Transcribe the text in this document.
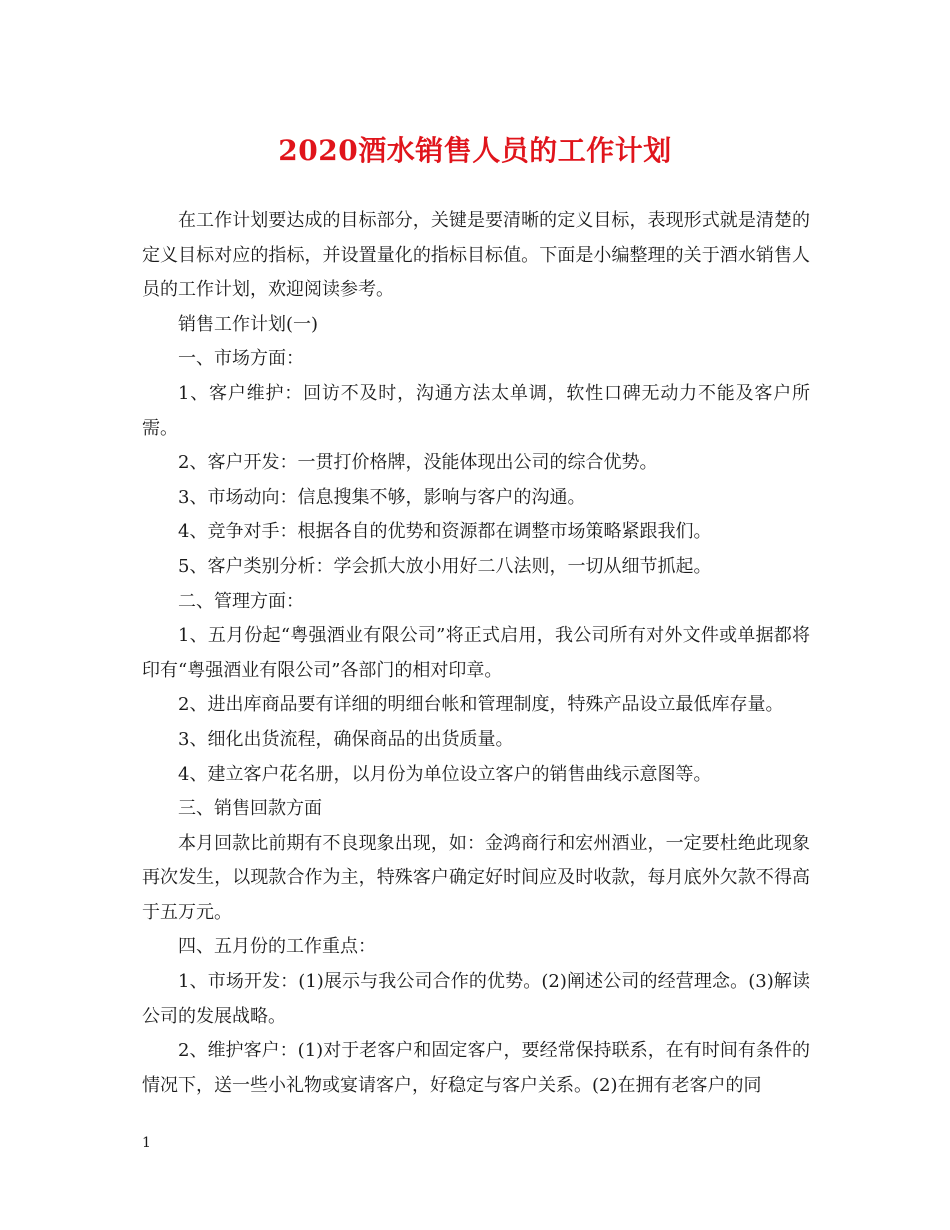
2020酒水销售人员的工作计划

在工作计划要达成的目标部分，关键是要清晰的定义目标，表现形式就是清楚的定义目标对应的指标，并设置量化的指标目标值。下面是小编整理的关于酒水销售人员的工作计划，欢迎阅读参考。

销售工作计划(一)

一、市场方面：

1、客户维护：回访不及时，沟通方法太单调，软性口碑无动力不能及客户所需。

2、客户开发：一贯打价格牌，没能体现出公司的综合优势。

3、市场动向：信息搜集不够，影响与客户的沟通。

4、竞争对手：根据各自的优势和资源都在调整市场策略紧跟我们。

5、客户类别分析：学会抓大放小用好二八法则，一切从细节抓起。

二、管理方面：

1、五月份起“粤强酒业有限公司”将正式启用，我公司所有对外文件或单据都将印有“粤强酒业有限公司”各部门的相对印章。

2、进出库商品要有详细的明细台帐和管理制度，特殊产品设立最低库存量。

3、细化出货流程，确保商品的出货质量。

4、建立客户花名册，以月份为单位设立客户的销售曲线示意图等。

三、销售回款方面

本月回款比前期有不良现象出现，如：金鸿商行和宏州酒业，一定要杜绝此现象再次发生，以现款合作为主，特殊客户确定好时间应及时收款，每月底外欠款不得高于五万元。

四、五月份的工作重点：

1、市场开发：(1)展示与我公司合作的优势。(2)阐述公司的经营理念。(3)解读公司的发展战略。

2、维护客户：(1)对于老客户和固定客户，要经常保持联系，在有时间有条件的情况下，送一些小礼物或宴请客户，好稳定与客户关系。(2)在拥有老客户的同

1
